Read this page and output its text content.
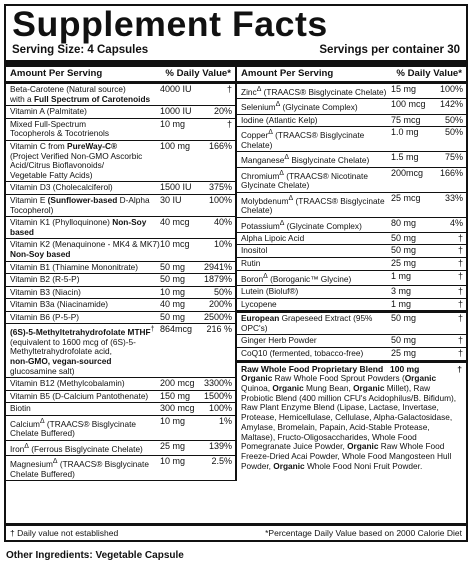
Supplement Facts
Serving Size: 4 Capsules	Servings per container 30
Amount Per Serving	% Daily Value*
Beta-Carotene (Natural source)
with a Full Spectrum of Carotenoids
4000 IU	†
Vitamin A (Palmitate)	1000 IU	20%
Mixed Full-Spectrum
Tocopherols & Tocotrienols
10 mg	†
Vitamin C from PureWay-C®
(Project Verified Non-GMO Ascorbic Acid/Citrus Bioflavonoids/
Vegetable Fatty Acids)
100 mg	166%
Vitamin D3 (Cholecalciferol)	1500 IU	375%
Vitamin E (Sunflower-based D-Alpha
Tocopherol)
30 IU	100%
Vitamin K1 (Phylloquinone) Non-Soy based
40 mcg	40%
Vitamin K2 (Menaquinone - MK4 & MK7)
Non-Soy based
10 mcg	10%
Vitamin B1 (Thiamine Mononitrate)	50 mg	2941%
Vitamin B2 (R-5-P)	50 mg	1879%
Vitamin B3 (Niacin)	10 mg	50%
Vitamin B3a (Niacinamide)	40 mg	200%
Vitamin B6 (P-5-P)	50 mg	2500%
(6S)-5-Methyltetrahydrofolate MTHF†
(equivalent to 1600 mcg of (6S)-5-Methyltetrahydrofolate acid,
non-GMO, vegan-sourced glucosamine salt)
864mcg	216 %
Vitamin B12 (Methylcobalamin)	200 mcg	3300%
Vitamin B5 (D-Calcium Pantothenate)	150 mg	1500%
Biotin	300 mcg	100%
Calcium$^\Delta$ (TRAACS® Bisglycinate
Chelate Buffered)
10 mg	1%
Iron$^\Delta$ (Ferrous Bisglycinate Chelate)	25 mg	139%
Magnesium$^\Delta$ (TRAACS® Bisglycinate
Chelate Buffered)
10 mg	2.5%
Amount Per Serving	% Daily Value*
Zinc$^\Delta$ (TRAACS® Bisglycinate Chelate) 15 mg	100%
Selenium$^\Delta$ (Glycinate Complex)	100 mcg	142%
Iodine (Atlantic Kelp)	75 mcg	50%
Copper$^\Delta$ (TRAACS® Bisglycinate Chelate)
1.0 mg	50%
Manganese$^\Delta$ Bisglycinate Chelate)	1.5 mg	75%
Chromium$^\Delta$ (TRAACS® Nicotinate
Glycinate Chelate)
200mcg	166%
Molybdenum$^\Delta$ (TRAACS® Bisglycinate Chelate)
25 mcg	33%
Potassium$^\Delta$ (Glycinate Complex)	80 mg	4%
Alpha Lipoic Acid	50 mg	†
Inositol	50 mg	†
Rutin	25 mg	†
Boron$^\Delta$ (Boroganic™ Glycine)	1 mg	†
Lutein (Bioluf®)	3 mg	†
Lycopene	1 mg	†
European Grapeseed Extract (95% OPC's)
50 mg	†
Ginger Herb Powder	50 mg	†
CoQ10 (fermented, tobacco-free)	25 mg	†
Raw Whole Food Proprietary Blend 100 mg	†
Organic Raw Whole Food Sprout Powders (Organic Quinoa, Organic Mung Bean, Organic Millet), Raw Probiotic Blend (400 million CFU's Acidophilus/B. Bifidum), Raw Plant Enzyme Blend (Lipase, Lactase, Invertase, Protease, Hemicellulase, Cellulase, Alpha-Galactosidase, Amylase, Bromelain, Papain, Acid-Stable Protease, Maltase), Fructo-Oligosaccharides, Whole Food Pomegranate Juice Powder, Organic Raw Whole Food Freeze-Dried Acai Powder, Whole Food Mangosteen Hull Powder, Organic Whole Food Noni Fruit Powder.
† Daily value not established	*Percentage Daily Value based on 2000 Calorie Diet
Other Ingredients: Vegetable Capsule
